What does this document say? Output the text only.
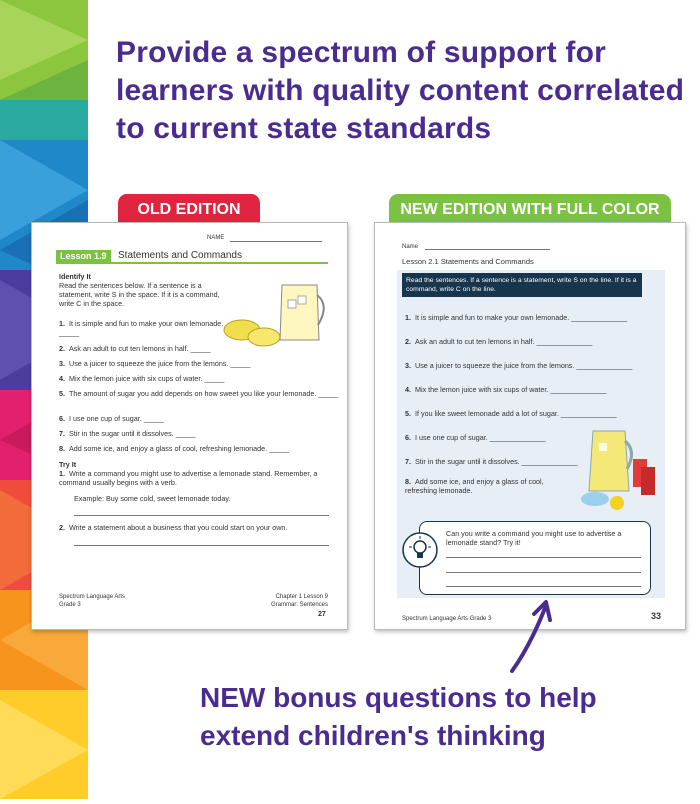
Provide a spectrum of support for learners with quality content correlated to current state standards
OLD EDITION
NAME
Lesson 1.9	Statements and Commands
Identify It
Read the sentences below. If a sentence is a statement, write S in the space. If it is a command, write C in the space.
1. It is simple and fun to make your own lemonade. _____
2. Ask an adult to cut ten lemons in half. _____
3. Use a juicer to squeeze the juice from the lemons. _____
4. Mix the lemon juice with six cups of water. _____
5. The amount of sugar you add depends on how sweet you like your lemonade. _____
6. I use one cup of sugar. _____
7. Stir in the sugar until it dissolves. _____
8. Add some ice, and enjoy a glass of cool, refreshing lemonade. _____
Try It
1. Write a command you might use to advertise a lemonade stand. Remember, a command usually begins with a verb.
Example: Buy some cold, sweet lemonade today.
2. Write a statement about a business that you could start on your own.
Spectrum Language Arts
Grade 3
Chapter 1 Lesson 9
Grammar: Sentences
27
NEW EDITION WITH FULL COLOR
Name
Lesson 2.1 Statements and Commands
Read the sentences. If a sentence is a statement, write S on the line. If it is a command, write C on the line.
1. It is simple and fun to make your own lemonade. ______________
2. Ask an adult to cut ten lemons in half. ______________
3. Use a juicer to squeeze the juice from the lemons. ______________
4. Mix the lemon juice with six cups of water. ______________
5. If you like sweet lemonade add a lot of sugar. ______________
6. I use one cup of sugar. ______________
7. Stir in the sugar until it dissolves. ______________
8. Add some ice, and enjoy a glass of cool, refreshing lemonade.
Can you write a command you might use to advertise a lemonade stand? Try it!
Spectrum Language Arts Grade 3	33

NEW bonus questions to help extend children's thinking
